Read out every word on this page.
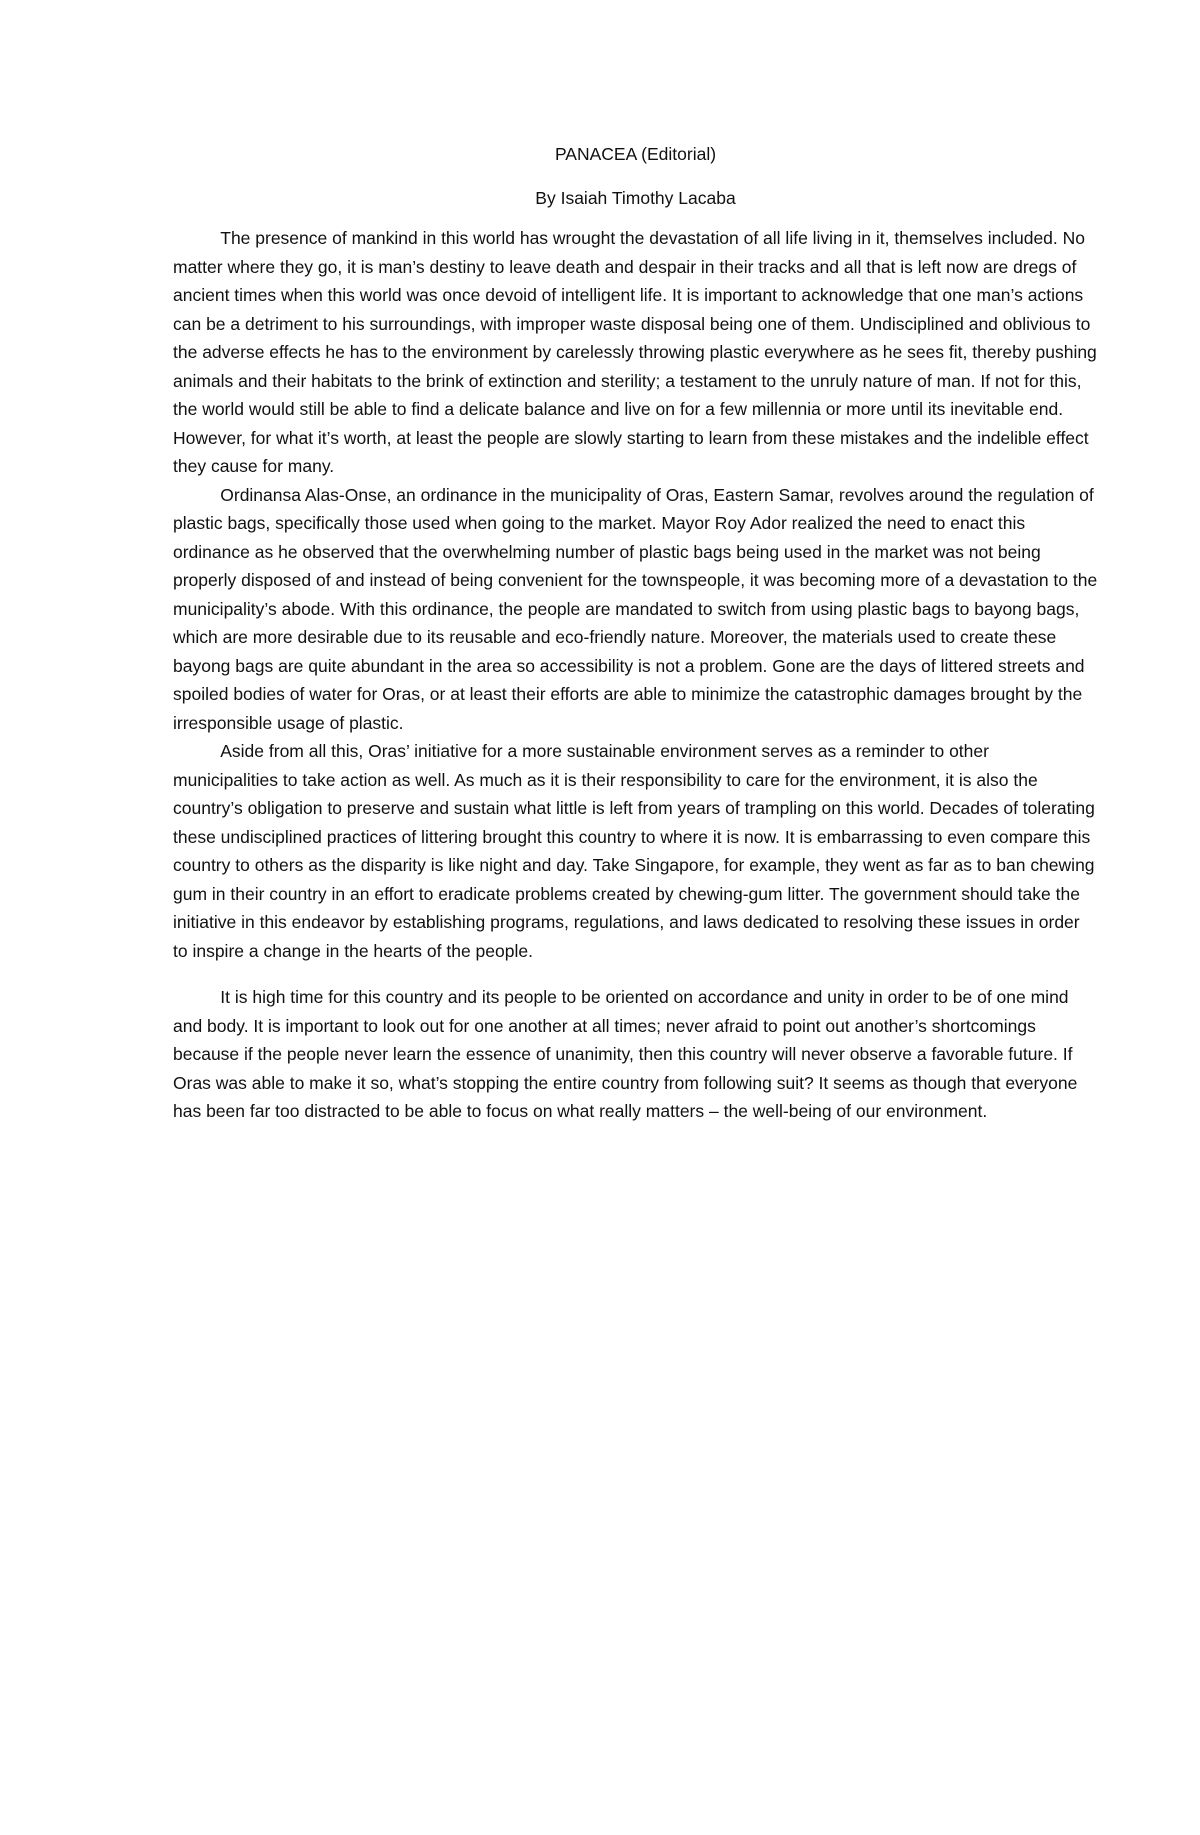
PANACEA (Editorial)

By Isaiah Timothy Lacaba

The presence of mankind in this world has wrought the devastation of all life living in it, themselves included. No matter where they go, it is man’s destiny to leave death and despair in their tracks and all that is left now are dregs of ancient times when this world was once devoid of intelligent life. It is important to acknowledge that one man’s actions can be a detriment to his surroundings, with improper waste disposal being one of them. Undisciplined and oblivious to the adverse effects he has to the environment by carelessly throwing plastic everywhere as he sees fit, thereby pushing animals and their habitats to the brink of extinction and sterility; a testament to the unruly nature of man. If not for this, the world would still be able to find a delicate balance and live on for a few millennia or more until its inevitable end. However, for what it’s worth, at least the people are slowly starting to learn from these mistakes and the indelible effect they cause for many.

Ordinansa Alas-Onse, an ordinance in the municipality of Oras, Eastern Samar, revolves around the regulation of plastic bags, specifically those used when going to the market. Mayor Roy Ador realized the need to enact this ordinance as he observed that the overwhelming number of plastic bags being used in the market was not being properly disposed of and instead of being convenient for the townspeople, it was becoming more of a devastation to the municipality’s abode. With this ordinance, the people are mandated to switch from using plastic bags to bayong bags, which are more desirable due to its reusable and eco-friendly nature. Moreover, the materials used to create these bayong bags are quite abundant in the area so accessibility is not a problem. Gone are the days of littered streets and spoiled bodies of water for Oras, or at least their efforts are able to minimize the catastrophic damages brought by the irresponsible usage of plastic.

Aside from all this, Oras’ initiative for a more sustainable environment serves as a reminder to other municipalities to take action as well. As much as it is their responsibility to care for the environment, it is also the country’s obligation to preserve and sustain what little is left from years of trampling on this world. Decades of tolerating these undisciplined practices of littering brought this country to where it is now. It is embarrassing to even compare this country to others as the disparity is like night and day. Take Singapore, for example, they went as far as to ban chewing gum in their country in an effort to eradicate problems created by chewing-gum litter. The government should take the initiative in this endeavor by establishing programs, regulations, and laws dedicated to resolving these issues in order to inspire a change in the hearts of the people.

It is high time for this country and its people to be oriented on accordance and unity in order to be of one mind and body. It is important to look out for one another at all times; never afraid to point out another’s shortcomings because if the people never learn the essence of unanimity, then this country will never observe a favorable future. If Oras was able to make it so, what’s stopping the entire country from following suit? It seems as though that everyone has been far too distracted to be able to focus on what really matters – the well-being of our environment.
